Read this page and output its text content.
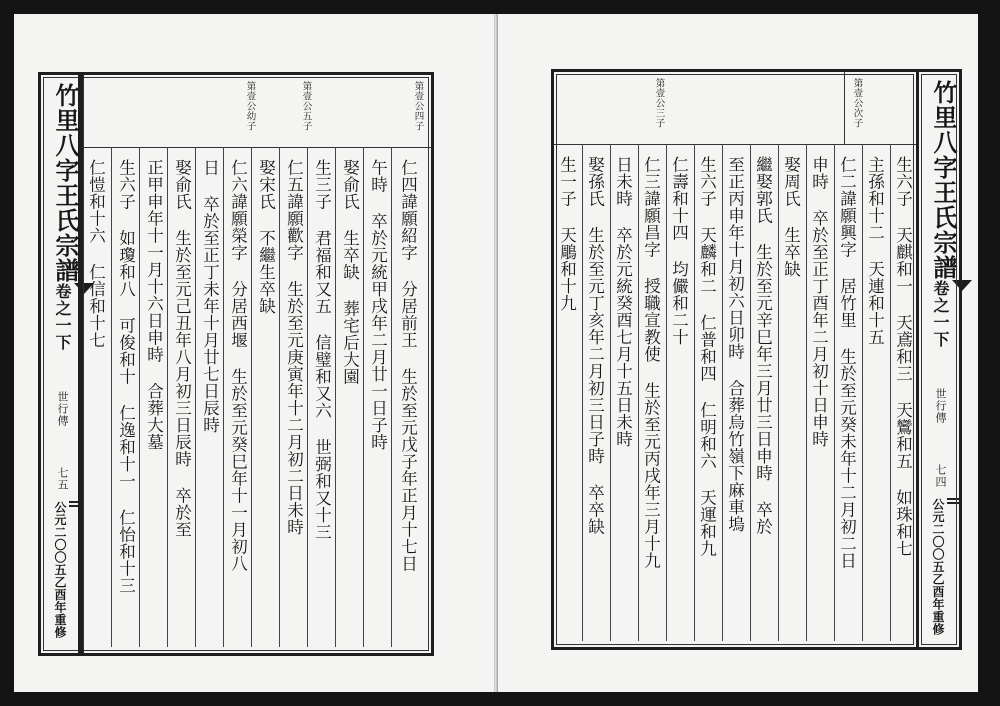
第壹公次子
第壹公三子
生六子 天麒和一 天鳶和三 天鸞和五 如珠和七
主孫和十二 天連和十五
仁二諱願興字 居竹里 生於至元癸未年十二月初二日
申時 卒於至正丁酉年二月初十日申時
娶周氏 生卒缺
繼娶郭氏 生於至元辛巳年三月廿三日申時 卒於
至正丙申年十月初六日卯時 合葬烏竹嶺下麻車塢
生六子 天麟和二 仁普和四 仁明和六 天運和九
仁壽和十四 均儼和二十
仁三諱願昌字 授職宣教使 生於至元丙戌年三月十九
日未時 卒於元統癸酉七月十五日未時
娶孫氏 生於至元丁亥年二月初三日子時 卒卒缺
生一子 天鵰和十九	竹里八字王氏宗譜
卷之一下
世行傳
七四
公元二〇〇五乙酉年重修
竹里八字王氏宗譜
卷之一下
世行傳
七五
公元二〇〇五乙酉年重修
第壹公四子
第壹公五子
第壹公幼子
仁四諱願紹字 分居前王 生於至元戊子年正月十七日
午時 卒於元統甲戌年二月廿一日子時
娶俞氏 生卒缺 葬宅后大園
生三子 君福和又五 信璧和又六 世弼和又十三
仁五諱願歡字 生於至元庚寅年十二月初二日未時
娶宋氏 不繼生卒缺
仁六諱願榮字 分居西堰 生於至元癸巳年十一月初八
日 卒於至正丁未年十月廿七日辰時
娶俞氏 生於至元己丑年八月初三日辰時 卒於至
正甲申年十一月十六日申時 合葬大墓
生六子 如瓊和八 可俊和十 仁逸和十一 仁怡和十三
仁愷和十六 仁信和十七
